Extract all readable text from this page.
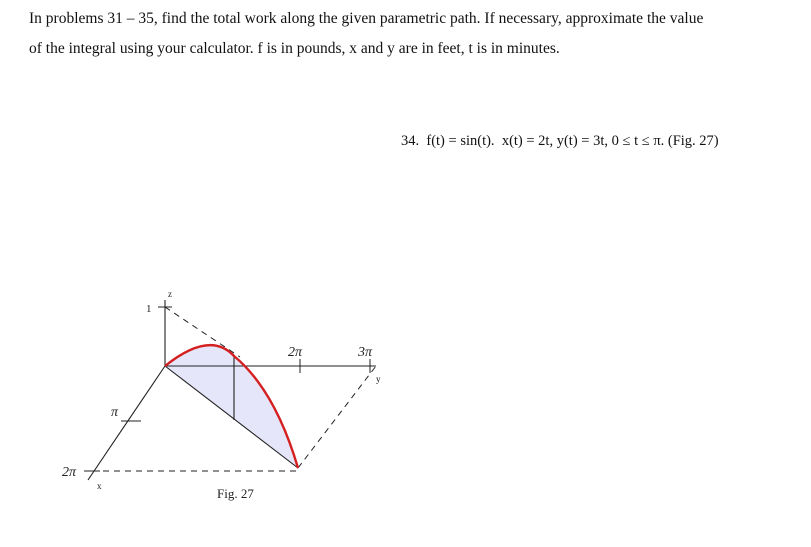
In problems 31 – 35, find the total work along the given parametric path. If necessary, approximate the value
of the integral using your calculator. f is in pounds, x and y are in feet, t is in minutes.

34. f(t) = sin(t). x(t) = 2t, y(t) = 3t, 0 ≤ t ≤ π. (Fig. 27)
z
1
2π	3π
y
π
2π
x	Fig. 27
